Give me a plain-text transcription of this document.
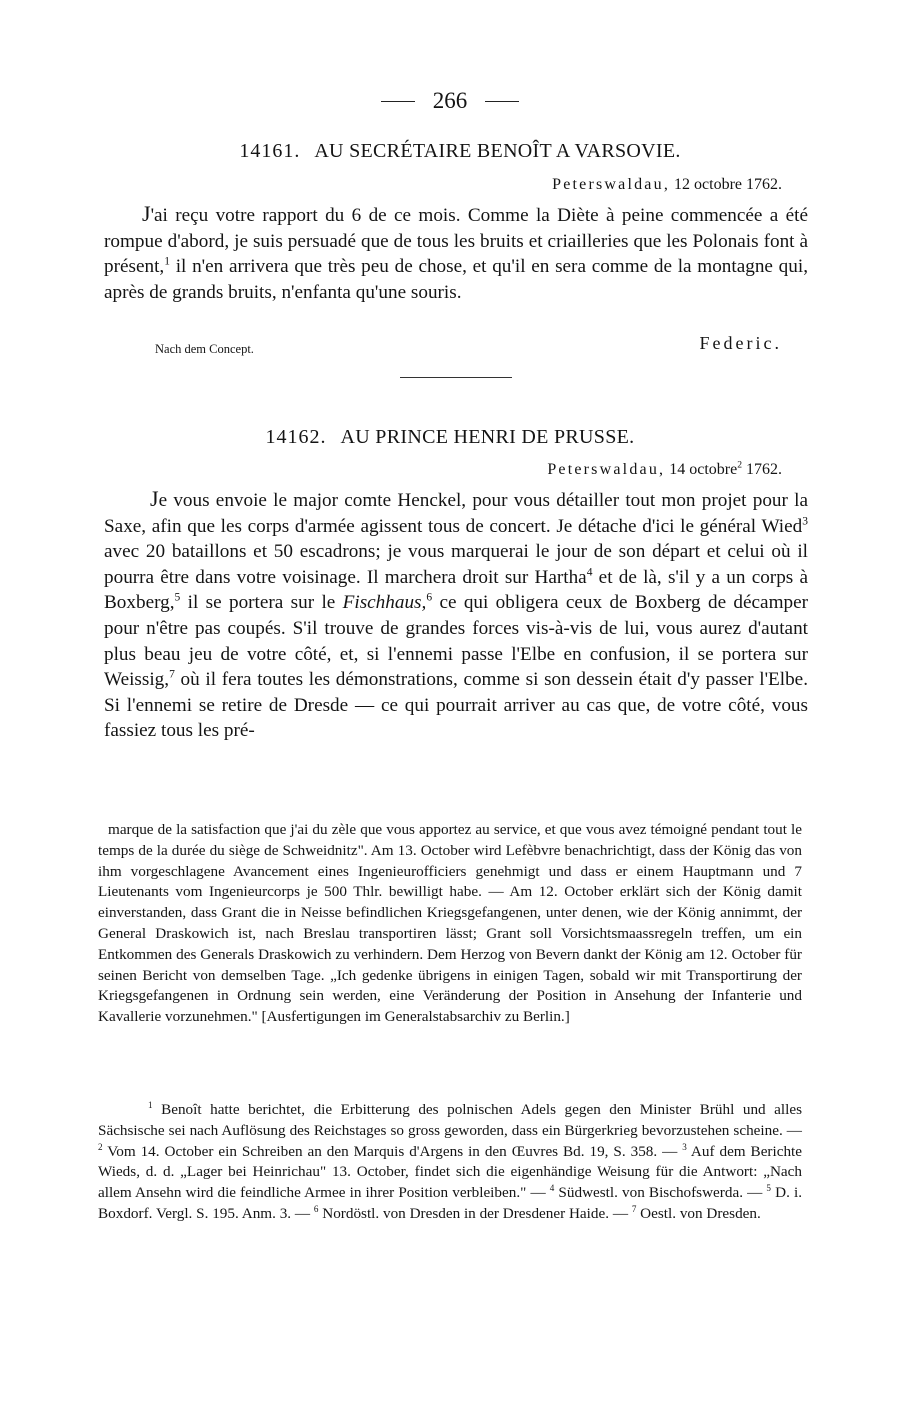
266
14161. AU SECRÉTAIRE BENOÎT A VARSOVIE.
Peterswaldau, 12 octobre 1762.

J'ai reçu votre rapport du 6 de ce mois. Comme la Diète à peine commencée a été rompue d'abord, je suis persuadé que de tous les bruits et criailleries que les Polonais font à présent,$^1$ il n'en arrivera que très peu de chose, et qu'il en sera comme de la montagne qui, après de grands bruits, n'enfanta qu'une souris.

Nach dem Concept.	Federic.
14162. AU PRINCE HENRI DE PRUSSE.
Peterswaldau, 14 octobre$^2$ 1762.

Je vous envoie le major comte Henckel, pour vous détailler tout mon projet pour la Saxe, afin que les corps d'armée agissent tous de concert. Je détache d'ici le général Wied$^3$ avec 20 bataillons et 50 escadrons; je vous marquerai le jour de son départ et celui où il pourra être dans votre voisinage. Il marchera droit sur Hartha$^4$ et de là, s'il y a un corps à Boxberg,$^5$ il se portera sur le Fischhaus,$^6$ ce qui obligera ceux de Boxberg de décamper pour n'être pas coupés. S'il trouve de grandes forces vis-à-vis de lui, vous aurez d'autant plus beau jeu de votre côté, et, si l'ennemi passe l'Elbe en confusion, il se portera sur Weissig,$^7$ où il fera toutes les démonstrations, comme si son dessein était d'y passer l'Elbe. Si l'ennemi se retire de Dresde — ce qui pourrait arriver au cas que, de votre côté, vous fassiez tous les pré-

marque de la satisfaction que j'ai du zèle que vous apportez au service, et que vous avez témoigné pendant tout le temps de la durée du siège de Schweidnitz". Am 13. October wird Lefèbvre benachrichtigt, dass der König das von ihm vorgeschlagene Avancement eines Ingenieurofficiers genehmigt und dass er einem Hauptmann und 7 Lieutenants vom Ingenieurcorps je 500 Thlr. bewilligt habe. — Am 12. October erklärt sich der König damit einverstanden, dass Grant die in Neisse befindlichen Kriegsgefangenen, unter denen, wie der König annimmt, der General Draskowich ist, nach Breslau transportiren lässt; Grant soll Vorsichtsmaassregeln treffen, um ein Entkommen des Generals Draskowich zu verhindern. Dem Herzog von Bevern dankt der König am 12. October für seinen Bericht von demselben Tage. „Ich gedenke übrigens in einigen Tagen, sobald wir mit Transportirung der Kriegsgefangenen in Ordnung sein werden, eine Veränderung der Position in Ansehung der Infanterie und Kavallerie vorzunehmen." [Ausfertigungen im Generalstabsarchiv zu Berlin.]

$^1$ Benoît hatte berichtet, die Erbitterung des polnischen Adels gegen den Minister Brühl und alles Sächsische sei nach Auflösung des Reichstages so gross geworden, dass ein Bürgerkrieg bevorzustehen scheine. — $^2$ Vom 14. October ein Schreiben an den Marquis d'Argens in den Œuvres Bd. 19, S. 358. — $^3$ Auf dem Berichte Wieds, d. d. „Lager bei Heinrichau" 13. October, findet sich die eigenhändige Weisung für die Antwort: „Nach allem Ansehn wird die feindliche Armee in ihrer Position verbleiben." — $^4$ Südwestl. von Bischofswerda. — $^5$ D. i. Boxdorf. Vergl. S. 195. Anm. 3. — $^6$ Nordöstl. von Dresden in der Dresdener Haide. — $^7$ Oestl. von Dresden.
